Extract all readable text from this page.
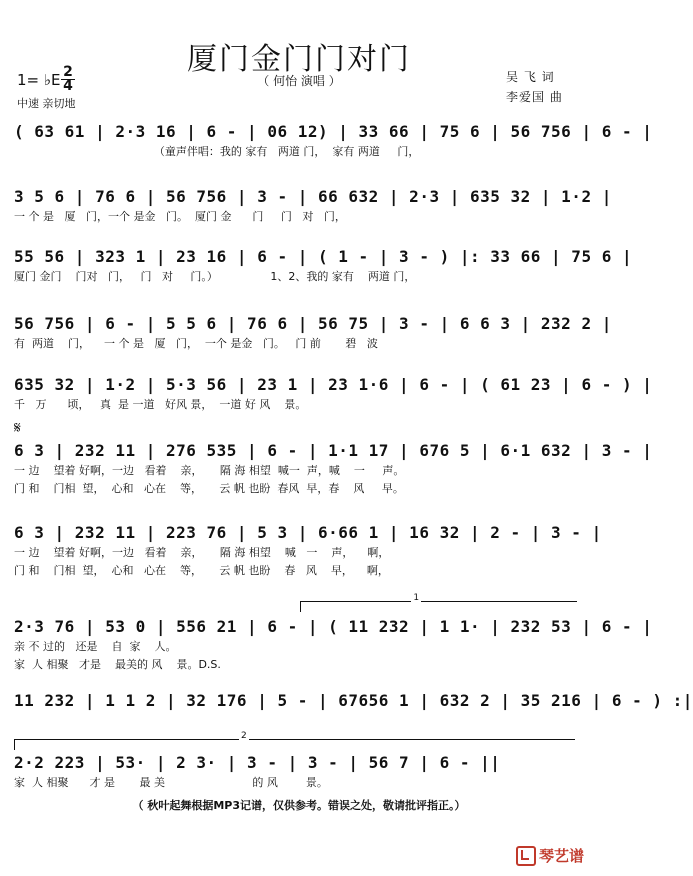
厦门金门门对门
（ 何怡 演唱 ）
1= ♭E 2
4
中速 亲切地
吴 飞 词
李爱国 曲
𝄋
1
2
( 63 61 | 2·3 16 | 6 - | 06 12) | 33 66 | 75 6 | 56 756 | 6 - |
（童声伴唱：我的 家有   两道 门，  家有 两道     门，
3 5 6 | 76 6 | 56 756 | 3 - | 66 632 | 2·3 | 635 32 | 1·2 |
一 个 是   厦   门，一个 是金   门。  厦门 金      门     门   对   门，
55 56 | 323 1 | 23 16 | 6 - | ( 1 - | 3 - ) |: 33 66 | 75 6 |
厦门 金门    门对   门，   门   对     门。）               1、2、我的 家有    两道 门，
56 756 | 6 - | 5 5 6 | 76 6 | 56 75 | 3 - | 6 6 3 | 232 2 |
有  两道    门，    一 个 是   厦   门，  一个 是金   门。   门 前       碧   波
635 32 | 1·2 | 5·3 56 | 23 1 | 23 1·6 | 6 - | ( 61 23 | 6 - ) |
千   万      顷，   真  是 一道   好风 景，  一道 好 风    景。
6 3 | 232 11 | 276 535 | 6 - | 1·1 17 | 676 5 | 6·1 632 | 3 - |
一 边    望着 好啊，一边   看着    亲，     隔 海 相望  喊一  声，喊    一     声。
门 和    门相  望，  心和   心在    等，     云 帆 也盼  春风  早，春    风     早。
6 3 | 232 11 | 223 76 | 5 3 | 6·66 1 | 16 32 | 2 - | 3 - |
一 边    望着 好啊，一边   看着    亲，     隔 海 相望    喊   一    声，    啊，
门 和    门相  望，  心和   心在    等，     云 帆 也盼    春   风    早，    啊，
2·3 76 | 53 0 | 556 21 | 6 - | ( 11 232 | 1 1· | 232 53 | 6 - |
亲 不 过的   还是    自  家    人。
家  人 相聚   才是    最美的 风    景。D.S.
11 232 | 1 1 2 | 32 176 | 5 - | 67656 1 | 632 2 | 35 216 | 6 - ) :|
2·2 223 | 53· | 2 3· | 3 - | 3 - | 56 7 | 6 - ||
家  人 相聚      才 是       最 美                         的 风        景。
（ 秋叶起舞根据MP3记谱，仅供参考。错误之处，敬请批评指正。）
琴艺谱
